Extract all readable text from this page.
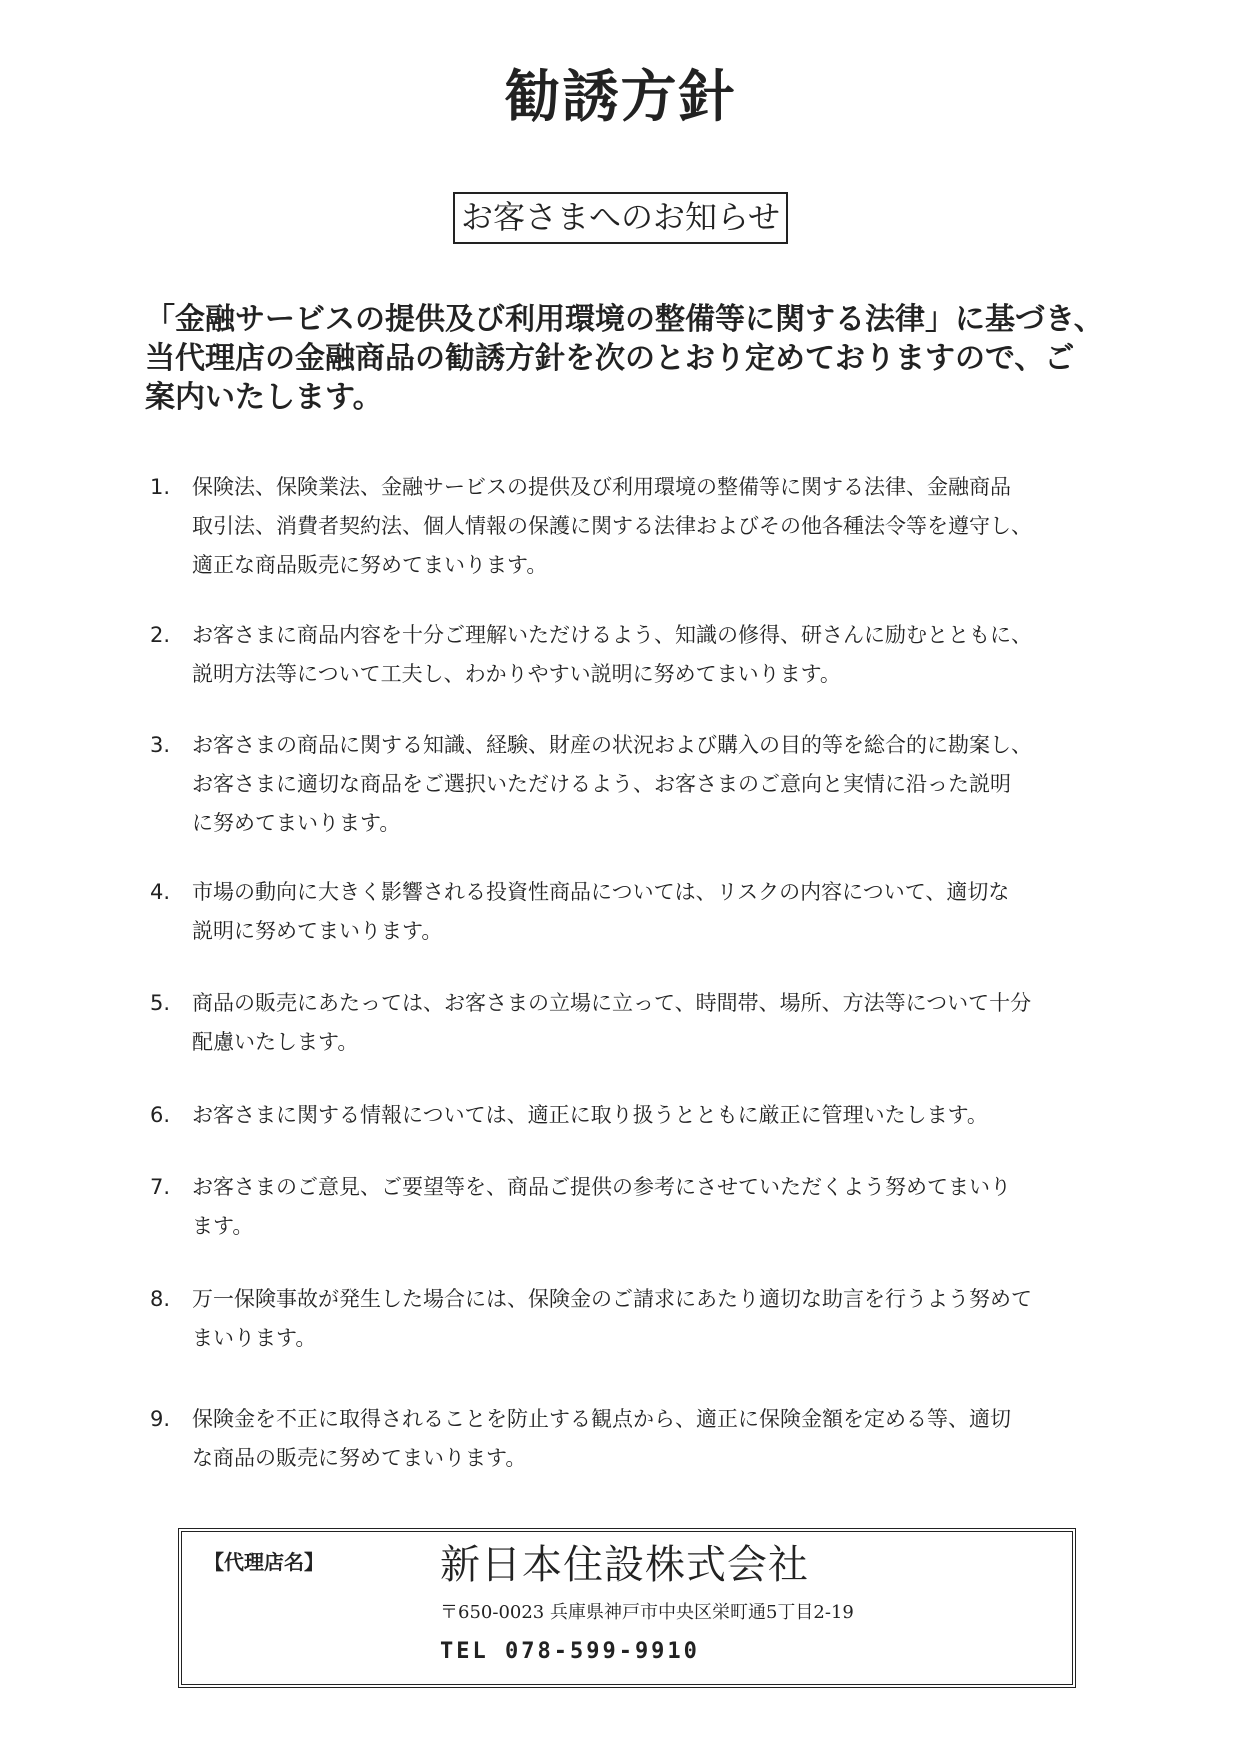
勧誘方針
お客さまへのお知らせ
「金融サービスの提供及び利用環境の整備等に関する法律」に基づき、
当代理店の金融商品の勧誘方針を次のとおり定めておりますので、ご
案内いたします。
1.	保険法、保険業法、金融サービスの提供及び利用環境の整備等に関する法律、金融商品
取引法、消費者契約法、個人情報の保護に関する法律およびその他各種法令等を遵守し、
適正な商品販売に努めてまいります。
2.	お客さまに商品内容を十分ご理解いただけるよう、知識の修得、研さんに励むとともに、
説明方法等について工夫し、わかりやすい説明に努めてまいります。
3.	お客さまの商品に関する知識、経験、財産の状況および購入の目的等を総合的に勘案し、
お客さまに適切な商品をご選択いただけるよう、お客さまのご意向と実情に沿った説明
に努めてまいります。
4.	市場の動向に大きく影響される投資性商品については、リスクの内容について、適切な
説明に努めてまいります。
5.	商品の販売にあたっては、お客さまの立場に立って、時間帯、場所、方法等について十分
配慮いたします。
6.	お客さまに関する情報については、適正に取り扱うとともに厳正に管理いたします。
7.	お客さまのご意見、ご要望等を、商品ご提供の参考にさせていただくよう努めてまいり
ます。
8.	万一保険事故が発生した場合には、保険金のご請求にあたり適切な助言を行うよう努めて
まいります。
9.	保険金を不正に取得されることを防止する観点から、適正に保険金額を定める等、適切
な商品の販売に努めてまいります。
【代理店名】	新日本住設株式会社
〒650-0023 兵庫県神戸市中央区栄町通5丁目2-19
TEL 078-599-9910
